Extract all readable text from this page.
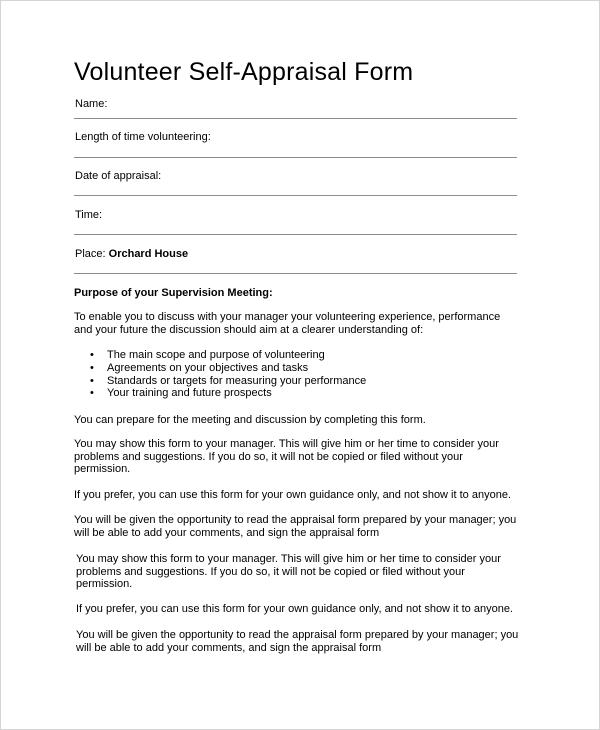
Volunteer Self-Appraisal Form
Name:
Length of time volunteering:
Date of appraisal:
Time:
Place: Orchard House
Purpose of your Supervision Meeting:
To enable you to discuss with your manager your volunteering experience, performance and your future the discussion should aim at a clearer understanding of:
• The main scope and purpose of volunteering
• Agreements on your objectives and tasks
• Standards or targets for measuring your performance
• Your training and future prospects
You can prepare for the meeting and discussion by completing this form.
You may show this form to your manager. This will give him or her time to consider your problems and suggestions. If you do so, it will not be copied or filed without your permission.
If you prefer, you can use this form for your own guidance only, and not show it to anyone.
You will be given the opportunity to read the appraisal form prepared by your manager; you will be able to add your comments, and sign the appraisal form
You may show this form to your manager. This will give him or her time to consider your problems and suggestions. If you do so, it will not be copied or filed without your permission.
If you prefer, you can use this form for your own guidance only, and not show it to anyone.
You will be given the opportunity to read the appraisal form prepared by your manager; you will be able to add your comments, and sign the appraisal form
